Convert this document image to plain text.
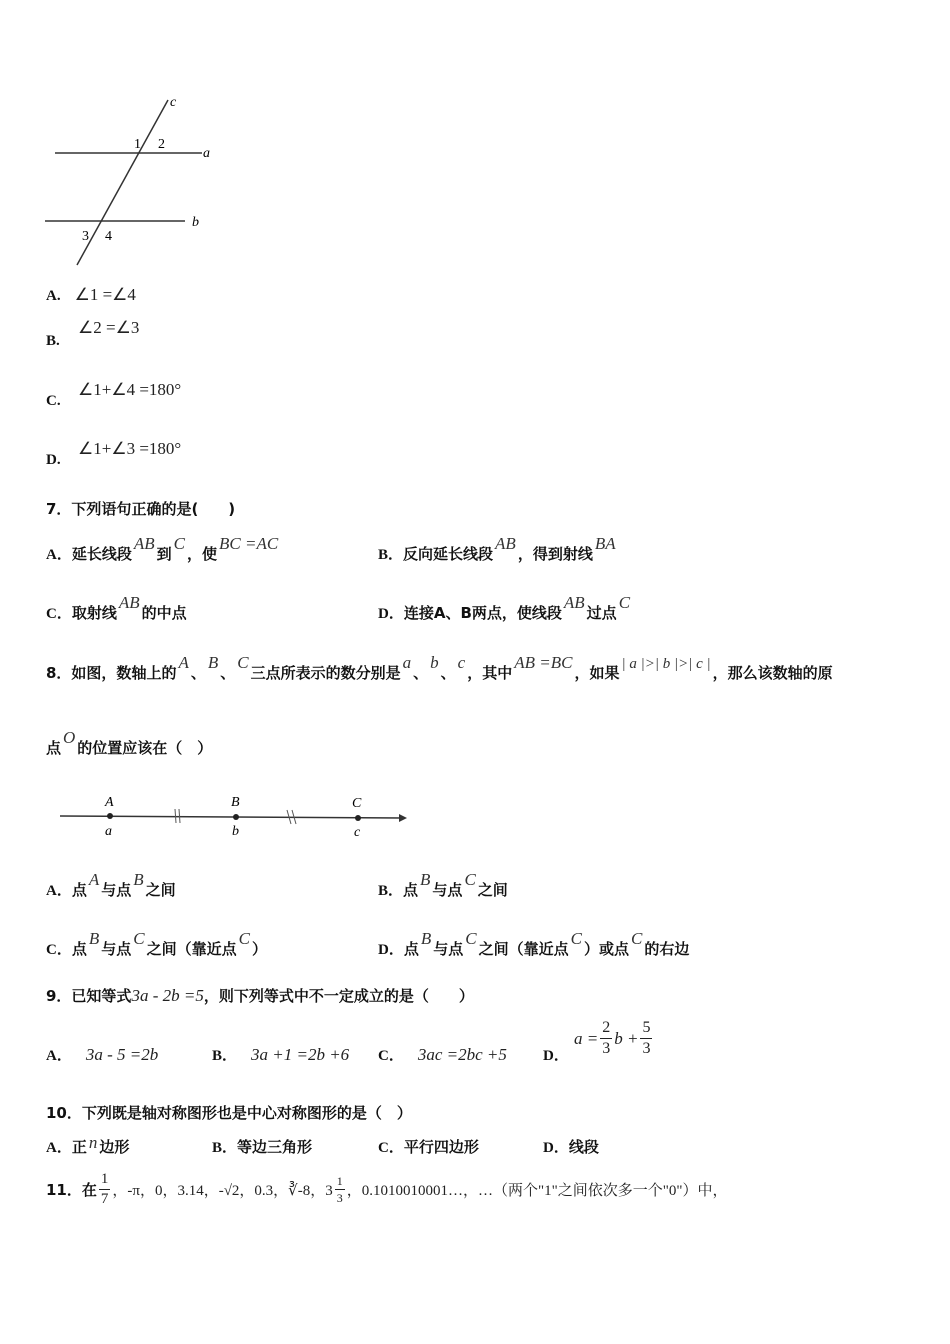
c
a
b
1 2
3 4
A. ∠1 =∠4
∠2 =∠3
B.
∠1+∠4 =180°
C.
∠1+∠3 =180°
D.
7．下列语句正确的是(　　)
A． 延长线段
AB
到
C
，使
BC =AC
B． 反向延长线段
AB
，得到射线
BA
C． 取射线
AB
的中点	D． 连接A、B两点，使线段
AB
过点
C
8．如图，数轴上的
A
、
B
、
C
三点所表示的数分别是
a
、
b
、
c
，其中
AB =BC
，如果 | a |>| b |>| c | ，那么该数轴的原
点
O
的位置应该在（　）
A	B	C
a	b	c
A． 点
A
与点
B
之间	B． 点
B
与点
C
之间
C． 点
B
与点
C
之间（靠近点
C
）	D． 点
B
与点
C
之间（靠近点
C
）或点
C
的右边
9．已知等式 3a - 2b =5 ，则下列等式中不一定成立的是（　　）
A． 3a - 5 =2b	B． 3a +1 =2b +6 C． 3ac =2bc +5 D．
$a = \frac{2}{3}$ $b + \frac{5}{3}$
10．下列既是轴对称图形也是中心对称图形的是（　）
A． 正 n 边形	B． 等边三角形	C． 平行四边形	D． 线段
11．在 $\frac{1}{7}$ ，-π，0，3.14，-√2，0.3，∛-8，$3 \frac{1}{3}$ ，0.1010010001…，…（两个"1"之间依次多一个"0"）中，
